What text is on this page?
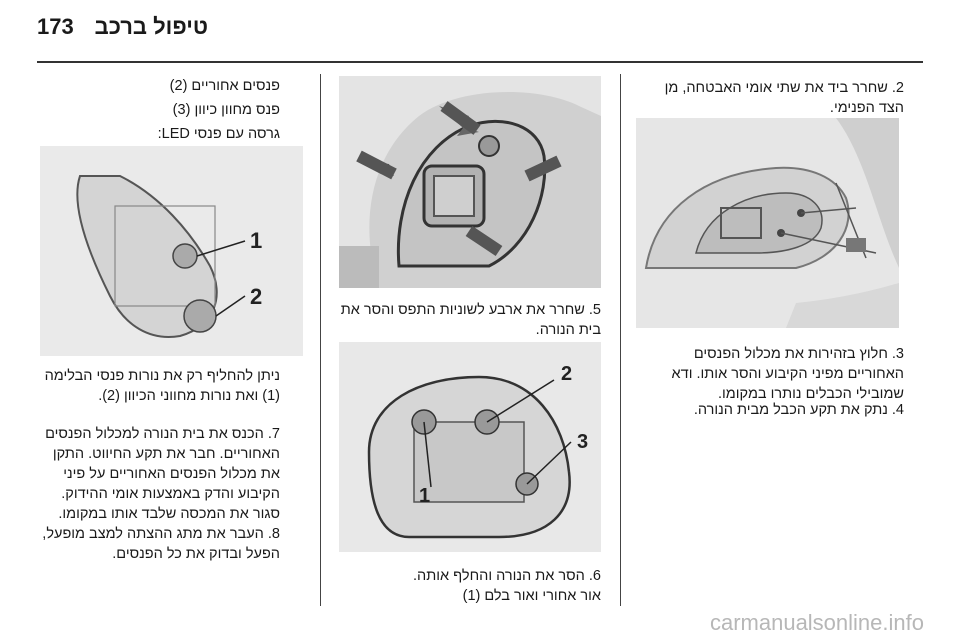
טיפול ברכב
173
2. שחרר ביד את שתי אומי האבטחה, מן הצד הפנימי.
3. חלוץ בזהירות את מכלול הפנסים האחוריים מפיני הקיבוע והסר אותו. ודא שמובילי הכבלים נותרו במקומו.
4. נתק את תקע הכבל מבית הנורה.
5. שחרר את ארבע לשוניות התפס והסר את בית הנורה.
2
3
1
6. הסר את הנורה והחלף אותה.
אור אחורי ואור בלם (1)
פנסים אחוריים (2)
פנס מחוון כיוון (3)
גרסה עם פנסי LED:
1
2
ניתן להחליף רק את נורות פנסי הבלימה (1) ואת נורות מחווני הכיוון (2).
7. הכנס את בית הנורה למכלול הפנסים האחוריים. חבר את תקע החיווט. התקן את מכלול הפנסים האחוריים על פיני הקיבוע והדק באמצעות אומי ההידוק. סגור את המכסה שלבד אותו במקומו.
8. העבר את מתג ההצתה למצב מופעל, הפעל ובדוק את כל הפנסים.
carmanualsonline.info
